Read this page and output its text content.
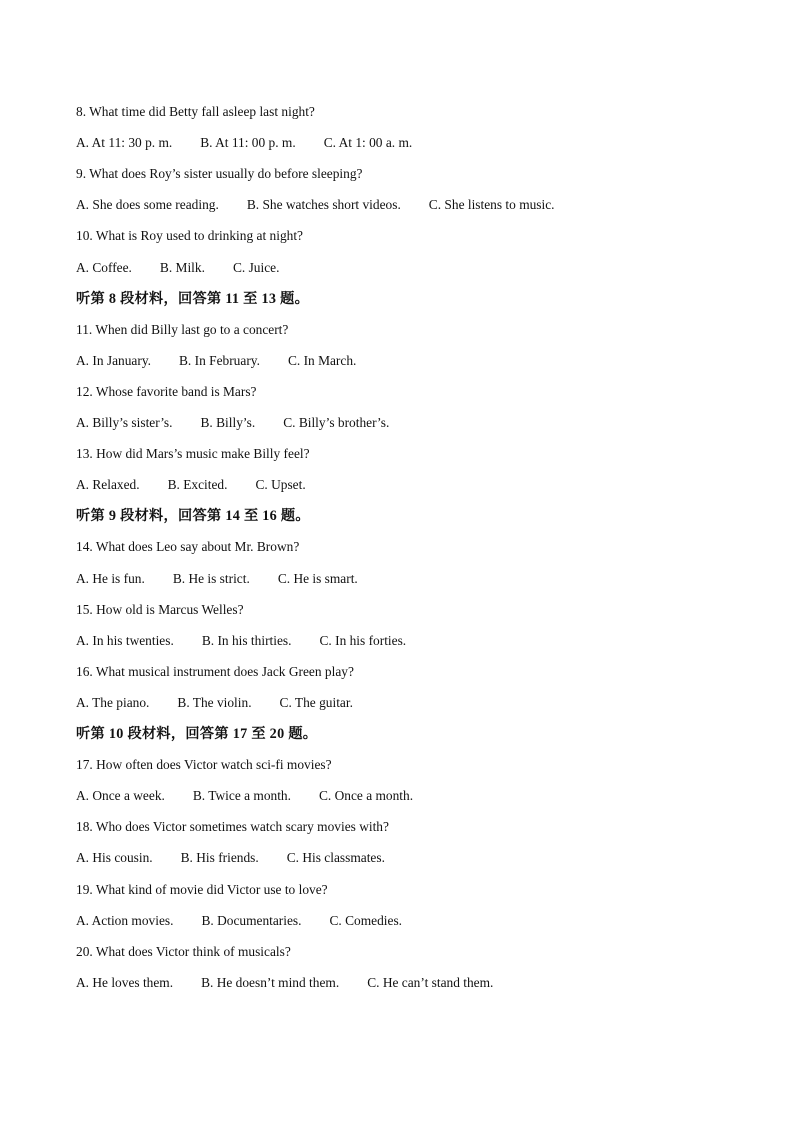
8. What time did Betty fall asleep last night?
A. At 11: 30 p. m. B. At 11: 00 p. m. C. At 1: 00 a. m.
9. What does Roy’s sister usually do before sleeping?
A. She does some reading. B. She watches short videos. C. She listens to music.
10. What is Roy used to drinking at night?
A. Coffee. B. Milk. C. Juice.
听第 8 段材料，回答第 11 至 13 题。
11. When did Billy last go to a concert?
A. In January. B. In February. C. In March.
12. Whose favorite band is Mars?
A. Billy’s sister’s. B. Billy’s. C. Billy’s brother’s.
13. How did Mars’s music make Billy feel?
A. Relaxed. B. Excited. C. Upset.
听第 9 段材料，回答第 14 至 16 题。
14. What does Leo say about Mr. Brown?
A. He is fun. B. He is strict. C. He is smart.
15. How old is Marcus Welles?
A. In his twenties. B. In his thirties. C. In his forties.
16. What musical instrument does Jack Green play?
A. The piano. B. The violin. C. The guitar.
听第 10 段材料，回答第 17 至 20 题。
17. How often does Victor watch sci-fi movies?
A. Once a week. B. Twice a month. C. Once a month.
18. Who does Victor sometimes watch scary movies with?
A. His cousin. B. His friends. C. His classmates.
19. What kind of movie did Victor use to love?
A. Action movies. B. Documentaries. C. Comedies.
20. What does Victor think of musicals?
A. He loves them. B. He doesn’t mind them. C. He can’t stand them.
